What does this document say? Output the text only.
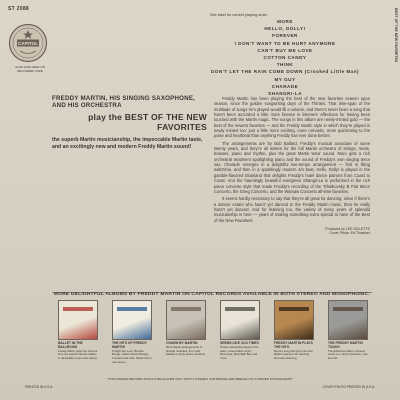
ST 2088
CAPITOL
ALSO AVAILABLE ON RECORDED TAPE
See label for correct playing order.
MORE
HELLO, DOLLY!
FOREVER
I DON'T WANT TO BE HURT ANYMORE
CAN'T BUY ME LOVE
COTTON CANDY
THINK
DON'T LET THE RAIN COME DOWN (Crooked Little Man)
MY GUY
CHARADE
SHANGRI-LA
BEST OF THE NEW FAVORITES
FREDDY MARTIN, HIS SINGING SAXOPHONE, AND HIS ORCHESTRA
play the BEST OF THE NEW FAVORITES
the superb Martin musicianship, the impeccable Martin taste, and an excitingly new and modern Freddy Martin sound!

Freddy Martin has been playing the best of the new favorites season upon season, since the golden songwriting days of the Thirties. That time-span of the multitude of songs he's played would fill a volume, and there's never been a song that hasn't been accorded a little more finesse in listeners' affections for having been touched with the Martin magic. The songs in this album are newly-minted gold — the best of the newest favorites — and the Freddy Martin style in which they're played is newly minted too: just a little more exciting, more romantic, more quickening to the pulse and heartbeat than anything Freddy has ever done before.

The arrangements are by Bob Ballard, Freddy's musical associate of some twenty years, and they're all written for the full Martin orchestra of strings, reeds, brasses, piano and rhythm, plus the great Martin tenor sound. More gets a rich orchestral treatment spotlighting piano and the sound of Freddy's own singing tenor sax. Charade emerges in a delightful two-tempo arrangement — first in lilting waltztime, and then in a sparklingly modern 4/4 beat. Hello, Dolly! is played in the gamble-flavored Dixieland that delights Freddy's hotel dance patrons from Coast to Coast. And the hauntingly beautiful evergreen Shangri-La is performed in the rich piano concerto style that made Freddy's recording of the Tchaikovsky B Flat Minor Concerto, the Grieg Concerto, and the Warsaw Concerto all-time favorites.

It seems hardly necessary to say that they're all great for dancing, since if there's a dancer extant who hasn't yet danced to the Freddy Martin music, then he really hasn't yet danced. And for listening too, the variety of many years of splendid musicianship is here — years of making something extra special to have of the Best of the New Favorites!

Produced by LEE GILLETTE
Cover Photo: Ed Thrasher
MORE DELIGHTFUL ALBUMS BY FREDDY MARTIN ON CAPITOL RECORDS AVAILABLE IN BOTH STEREO AND MONOPHONIC:
BALLET IN THE BALLROOM
Freddy Martin plays the themes from the world's favorite ballets in danceable tempo and styling.
THE HITS OF FREDDY MARTIN
Tonight We Love, Bumble Boogie, Sabre Dance Boogie, Cumana and other Martin hits in new stereo.
CHARM BY MARTIN
More Martin arrangements of favorite melodies, from lush ballads to lively dance numbers.
SEEMS LIKE OLD TIMES
Twelve standards played in the warm, sweet Martin style: Memories, Moonlight Bay and more.
FREDDY MARTIN PLAYS THE HITS
Recent song hits given the lush Martin treatment for dancing and easy listening.
THE FREDDY MARTIN TOUCH
The distinctive Martin musical touch on a dozen favorites, new and old.
THIS STEREO RECORD SHOULD BE PLAYED ONLY WITH A STEREO CARTRIDGE AND NEEDLE ON A STEREO PHONOGRAPH
PRINTED IN U.S.A.	COVER PHOTO PRINTED IN U.S.A.
